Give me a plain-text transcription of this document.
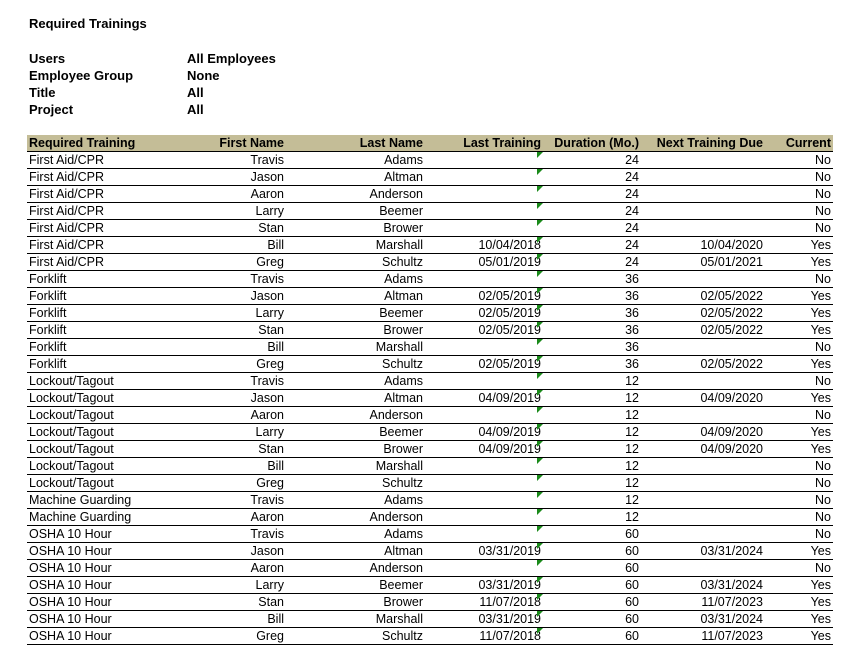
Required Trainings
Users	All Employees
Employee Group	None
Title	All
Project	All
Required Training	First Name	Last Name	Last Training	Duration (Mo.)	Next Training Due	Current
First Aid/CPR	Travis	Adams		24		No
First Aid/CPR	Jason	Altman		24		No
First Aid/CPR	Aaron	Anderson		24		No
First Aid/CPR	Larry	Beemer		24		No
First Aid/CPR	Stan	Brower		24		No
First Aid/CPR	Bill	Marshall	10/04/2018	24	10/04/2020	Yes
First Aid/CPR	Greg	Schultz	05/01/2019	24	05/01/2021	Yes
Forklift	Travis	Adams		36		No
Forklift	Jason	Altman	02/05/2019	36	02/05/2022	Yes
Forklift	Larry	Beemer	02/05/2019	36	02/05/2022	Yes
Forklift	Stan	Brower	02/05/2019	36	02/05/2022	Yes
Forklift	Bill	Marshall		36		No
Forklift	Greg	Schultz	02/05/2019	36	02/05/2022	Yes
Lockout/Tagout	Travis	Adams		12		No
Lockout/Tagout	Jason	Altman	04/09/2019	12	04/09/2020	Yes
Lockout/Tagout	Aaron	Anderson		12		No
Lockout/Tagout	Larry	Beemer	04/09/2019	12	04/09/2020	Yes
Lockout/Tagout	Stan	Brower	04/09/2019	12	04/09/2020	Yes
Lockout/Tagout	Bill	Marshall		12		No
Lockout/Tagout	Greg	Schultz		12		No
Machine Guarding	Travis	Adams		12		No
Machine Guarding	Aaron	Anderson		12		No
OSHA 10 Hour	Travis	Adams		60		No
OSHA 10 Hour	Jason	Altman	03/31/2019	60	03/31/2024	Yes
OSHA 10 Hour	Aaron	Anderson		60		No
OSHA 10 Hour	Larry	Beemer	03/31/2019	60	03/31/2024	Yes
OSHA 10 Hour	Stan	Brower	11/07/2018	60	11/07/2023	Yes
OSHA 10 Hour	Bill	Marshall	03/31/2019	60	03/31/2024	Yes
OSHA 10 Hour	Greg	Schultz	11/07/2018	60	11/07/2023	Yes
